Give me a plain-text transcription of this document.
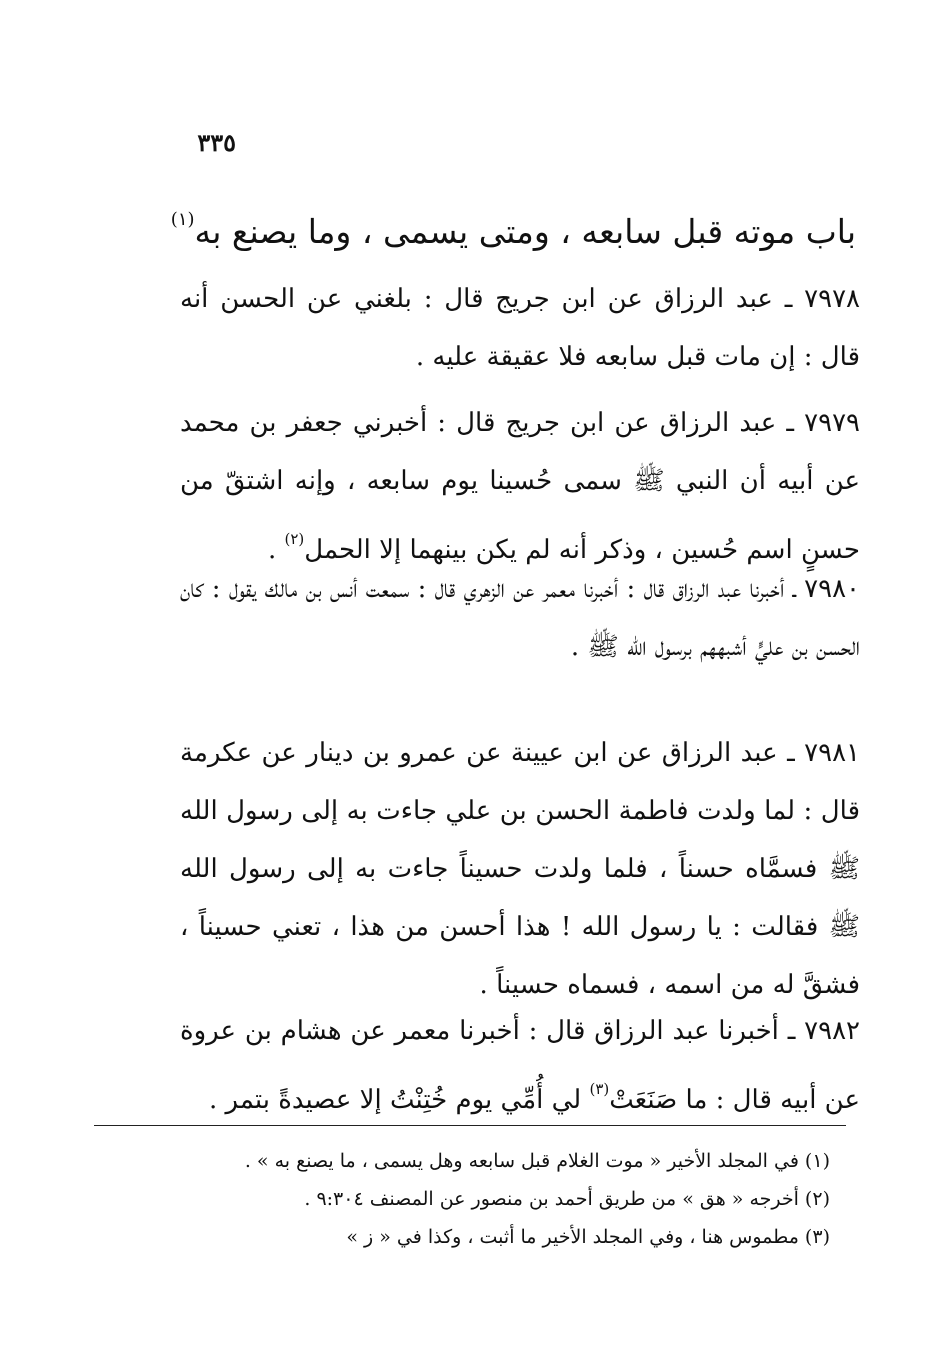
٣٣٥
باب موته قبل سابعه ، ومتى يسمى ، وما يصنع به$^{(١)}$
٧٩٧٨ ـ عبد الرزاق عن ابن جريج قال : بلغني عن الحسن أنه قال : إن مات قبل سابعه فلا عقيقة عليه .
٧٩٧٩ ـ عبد الرزاق عن ابن جريج قال : أخبرني جعفر بن محمد عن أبيه أن النبي ﷺ سمى حُسينا يوم سابعه ، وإنه اشتقّ من حسنٍ اسم حُسين ، وذكر أنه لم يكن بينهما إلا الحمل$^{(٢)}$ .
٧٩٨٠ ـ أخبرنا عبد الرزاق قال : أخبرنا معمر عن الزهري قال : سمعت أنس بن مالك يقول : كان الحسن بن عليٍّ أشبههم برسول الله ﷺ .
٧٩٨١ ـ عبد الرزاق عن ابن عيينة عن عمرو بن دينار عن عكرمة قال : لما ولدت فاطمة الحسن بن علي جاءت به إلى رسول الله ﷺ فسمَّاه حسناً ، فلما ولدت حسيناً جاءت به إلى رسول الله ﷺ فقالت : يا رسول الله ! هذا أحسن من هذا ، تعني حسيناً ، فشقَّ له من اسمه ، فسماه حسيناً .
٧٩٨٢ ـ أخبرنا عبد الرزاق قال : أخبرنا معمر عن هشام بن عروة عن أبيه قال : ما صَنَعَتْ$^{(٣)}$ لي أُمِّي يوم خُتِنْتُ إلا عصيدةً بتمر .
(١) في المجلد الأخير « موت الغلام قبل سابعه وهل يسمى ، ما يصنع به » .
(٢) أخرجه « هق » من طريق أحمد بن منصور عن المصنف ٩:٣٠٤ .
(٣) مطموس هنا ، وفي المجلد الأخير ما أثبت ، وكذا في « ز »
